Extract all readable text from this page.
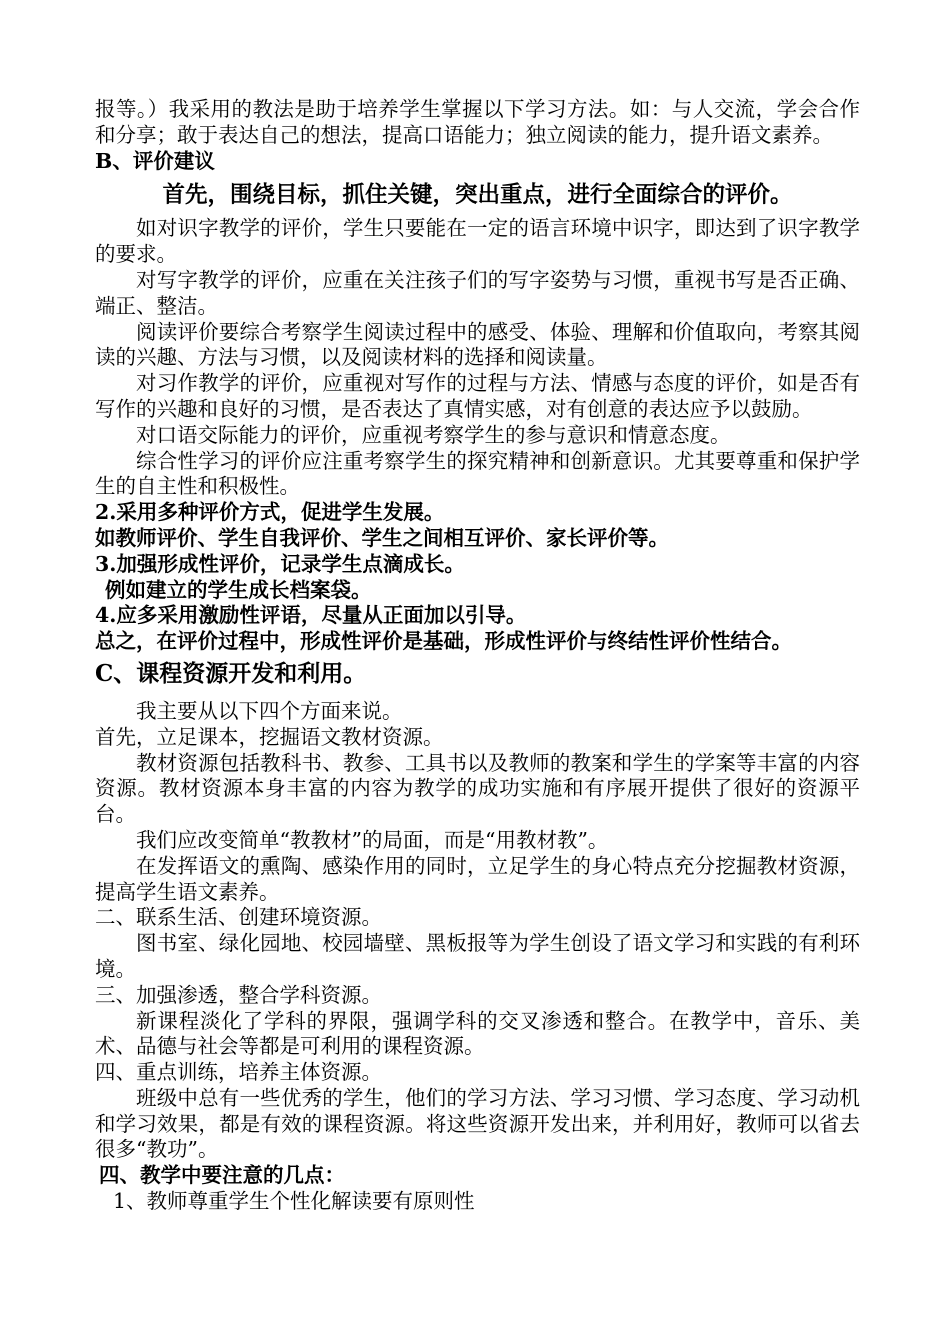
报等。）我采用的教法是助于培养学生掌握以下学习方法。如：与人交流，学会合作和分享；敢于表达自己的想法，提高口语能力；独立阅读的能力，提升语文素养。

B、评价建议

首先，围绕目标，抓住关键，突出重点，进行全面综合的评价。

如对识字教学的评价，学生只要能在一定的语言环境中识字，即达到了识字教学的要求。

对写字教学的评价，应重在关注孩子们的写字姿势与习惯，重视书写是否正确、端正、整洁。

阅读评价要综合考察学生阅读过程中的感受、体验、理解和价值取向，考察其阅读的兴趣、方法与习惯，以及阅读材料的选择和阅读量。

对习作教学的评价，应重视对写作的过程与方法、情感与态度的评价，如是否有写作的兴趣和良好的习惯，是否表达了真情实感，对有创意的表达应予以鼓励。

对口语交际能力的评价，应重视考察学生的参与意识和情意态度。

综合性学习的评价应注重考察学生的探究精神和创新意识。尤其要尊重和保护学生的自主性和积极性。

2.采用多种评价方式，促进学生发展。

如教师评价、学生自我评价、学生之间相互评价、家长评价等。

3.加强形成性评价，记录学生点滴成长。

例如建立的学生成长档案袋。

4.应多采用激励性评语，尽量从正面加以引导。

总之，在评价过程中，形成性评价是基础，形成性评价与终结性评价性结合。

C、课程资源开发和利用。

我主要从以下四个方面来说。

首先，立足课本，挖掘语文教材资源。

教材资源包括教科书、教参、工具书以及教师的教案和学生的学案等丰富的内容资源。教材资源本身丰富的内容为教学的成功实施和有序展开提供了很好的资源平台。

我们应改变简单“教教材”的局面，而是“用教材教”。

在发挥语文的熏陶、感染作用的同时，立足学生的身心特点充分挖掘教材资源，提高学生语文素养。

二、联系生活、创建环境资源。

图书室、绿化园地、校园墙壁、黑板报等为学生创设了语文学习和实践的有利环境。

三、加强渗透，整合学科资源。

新课程淡化了学科的界限，强调学科的交叉渗透和整合。在教学中，音乐、美术、品德与社会等都是可利用的课程资源。

四、重点训练，培养主体资源。

班级中总有一些优秀的学生，他们的学习方法、学习习惯、学习态度、学习动机和学习效果，都是有效的课程资源。将这些资源开发出来，并利用好，教师可以省去很多“教功”。

四、教学中要注意的几点：

1、教师尊重学生个性化解读要有原则性
